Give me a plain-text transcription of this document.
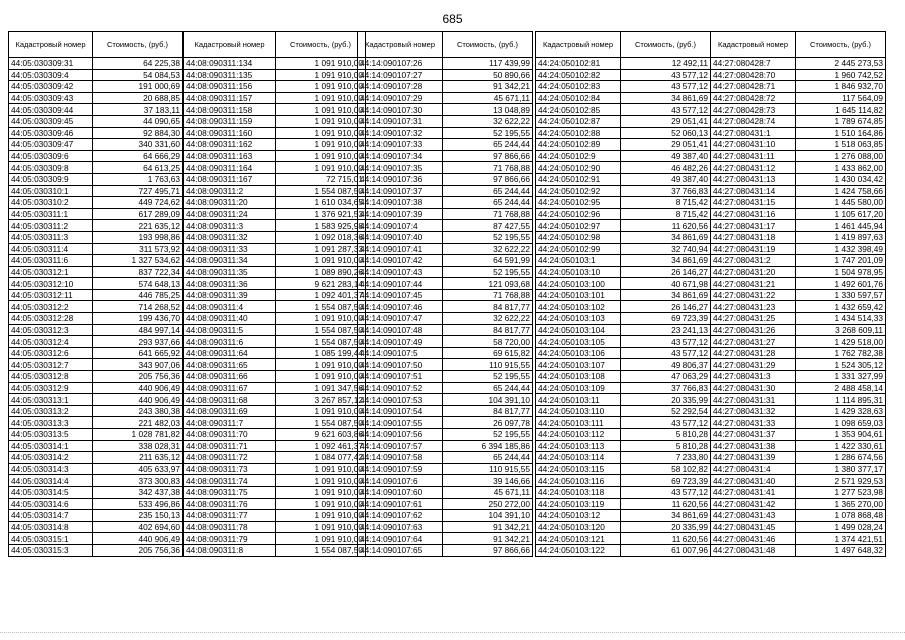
685
Кадастровый номер	Стоимость, (руб.)
44:05:030309:31	64 225,38
44:05:030309:4	54 084,53
44:05:030309:42	191 000,69
44:05:030309:43	20 688,85
44:05:030309:44	37 183,11
44:05:030309:45	44 090,65
44:05:030309:46	92 884,30
44:05:030309:47	340 331,60
44:05:030309:6	64 666,29
44:05:030309:8	64 613,25
44:05:030309:9	1 763,63
44:05:030310:1	727 495,71
44:05:030310:2	449 724,62
44:05:030311:1	617 289,09
44:05:030311:2	221 635,12
44:05:030311:3	193 998,86
44:05:030311:4	311 573,92
44:05:030311:6	1 327 534,62
44:05:030312:1	837 722,34
44:05:030312:10	574 648,13
44:05:030312:11	446 785,25
44:05:030312:2	714 268,52
44:05:030312:28	199 436,70
44:05:030312:3	484 997,14
44:05:030312:4	293 937,66
44:05:030312:6	641 665,92
44:05:030312:7	343 907,06
44:05:030312:8	205 756,36
44:05:030312:9	440 906,49
44:05:030313:1	440 906,49
44:05:030313:2	243 380,38
44:05:030313:3	221 482,03
44:05:030313:5	1 028 781,82
44:05:030314:1	338 028,31
44:05:030314:2	211 635,12
44:05:030314:3	405 633,97
44:05:030314:4	373 300,83
44:05:030314:5	342 437,38
44:05:030314:6	533 496,86
44:05:030314:7	235 150,13
44:05:030314:8	402 694,60
44:05:030315:1	440 906,49
44:05:030315:3	205 756,36
Кадастровый номер	Стоимость, (руб.)
44:08:090311:134	1 091 910,00
44:08:090311:135	1 091 910,00
44:08:090311:156	1 091 910,00
44:08:090311:157	1 091 910,00
44:08:090311:158	1 091 910,00
44:08:090311:159	1 091 910,00
44:08:090311:160	1 091 910,00
44:08:090311:162	1 091 910,00
44:08:090311:163	1 091 910,00
44:08:090311:164	1 091 910,00
44:08:090311:167	72 715,01
44:08:090311:2	1 554 087,50
44:08:090311:20	1 610 034,65
44:08:090311:24	1 376 921,53
44:08:090311:3	1 583 925,98
44:08:090311:32	1 092 018,36
44:08:090311:33	1 091 287,33
44:08:090311:34	1 091 910,00
44:08:090311:35	1 089 890,26
44:08:090311:36	9 621 283,14
44:08:090311:39	1 092 401,37
44:08:090311:4	1 554 087,50
44:08:090311:40	1 091 910,00
44:08:090311:5	1 554 087,50
44:08:090311:6	1 554 087,50
44:08:090311:64	1 085 199,44
44:08:090311:65	1 091 910,00
44:08:090311:66	1 091 910,00
44:08:090311:67	1 091 347,56
44:08:090311:68	3 267 857,12
44:08:090311:69	1 091 910,00
44:08:090311:7	1 554 087,50
44:08:090311:70	9 621 603,86
44:08:090311:71	1 092 461,37
44:08:090311:72	1 084 077,42
44:08:090311:73	1 091 910,00
44:08:090311:74	1 091 910,00
44:08:090311:75	1 091 910,00
44:08:090311:76	1 091 910,00
44:08:090311:77	1 091 910,00
44:08:090311:78	1 091 910,00
44:08:090311:79	1 091 910,00
44:08:090311:8	1 554 087,50
Кадастровый номер	Стоимость, (руб.)
44:14:090107:26	117 439,99
44:14:090107:27	50 890,66
44:14:090107:28	91 342,21
44:14:090107:29	45 671,11
44:14:090107:30	13 048,89
44:14:090107:31	32 622,22
44:14:090107:32	52 195,55
44:14:090107:33	65 244,44
44:14:090107:34	97 866,66
44:14:090107:35	71 768,88
44:14:090107:36	97 866,66
44:14:090107:37	65 244,44
44:14:090107:38	65 244,44
44:14:090107:39	71 768,88
44:14:090107:4	87 427,55
44:14:090107:40	52 195,55
44:14:090107:41	32 622,22
44:14:090107:42	64 591,99
44:14:090107:43	52 195,55
44:14:090107:44	121 093,68
44:14:090107:45	71 768,88
44:14:090107:46	84 817,77
44:14:090107:47	32 622,22
44:14:090107:48	84 817,77
44:14:090107:49	58 720,00
44:14:090107:5	69 615,82
44:14:090107:50	110 915,55
44:14:090107:51	52 195,55
44:14:090107:52	65 244,44
44:14:090107:53	104 391,10
44:14:090107:54	84 817,77
44:14:090107:55	26 097,78
44:14:090107:56	52 195,55
44:14:090107:57	6 394 185,86
44:14:090107:58	65 244,44
44:14:090107:59	110 915,55
44:14:090107:6	39 146,66
44:14:090107:60	45 671,11
44:14:090107:61	250 272,00
44:14:090107:62	104 391,10
44:14:090107:63	91 342,21
44:14:090107:64	91 342,21
44:14:090107:65	97 866,66
Кадастровый номер	Стоимость, (руб.)
44:24:050102:81	12 492,11
44:24:050102:82	43 577,12
44:24:050102:83	43 577,12
44:24:050102:84	34 861,69
44:24:050102:85	43 577,12
44:24:050102:87	29 051,41
44:24:050102:88	52 060,13
44:24:050102:89	29 051,41
44:24:050102:9	49 387,40
44:24:050102:90	46 482,26
44:24:050102:91	49 387,40
44:24:050102:92	37 766,83
44:24:050102:95	8 715,42
44:24:050102:96	8 715,42
44:24:050102:97	11 620,56
44:24:050102:98	34 861,69
44:24:050102:99	32 740,94
44:24:050103:1	34 861,69
44:24:050103:10	26 146,27
44:24:050103:100	40 671,98
44:24:050103:101	34 861,69
44:24:050103:102	26 146,27
44:24:050103:103	69 723,39
44:24:050103:104	23 241,13
44:24:050103:105	43 577,12
44:24:050103:106	43 577,12
44:24:050103:107	49 806,37
44:24:050103:108	47 063,29
44:24:050103:109	37 766,83
44:24:050103:11	20 335,99
44:24:050103:110	52 292,54
44:24:050103:111	43 577,12
44:24:050103:112	5 810,28
44:24:050103:113	5 810,28
44:24:050103:114	7 233,80
44:24:050103:115	58 102,82
44:24:050103:116	69 723,39
44:24:050103:118	43 577,12
44:24:050103:119	11 620,56
44:24:050103:12	34 861,69
44:24:050103:120	20 335,99
44:24:050103:121	11 620,56
44:24:050103:122	61 007,96
Кадастровый номер	Стоимость, (руб.)
44:27:080428:7	2 445 273,53
44:27:080428:70	1 960 742,52
44:27:080428:71	1 846 932,70
44:27:080428:72	117 564,09
44:27:080428:73	1 645 114,82
44:27:080428:74	1 789 674,85
44:27:080431:1	1 510 164,86
44:27:080431:10	1 518 063,85
44:27:080431:11	1 276 088,00
44:27:080431:12	1 433 862,00
44:27:080431:13	1 430 034,42
44:27:080431:14	1 424 758,66
44:27:080431:15	1 445 580,00
44:27:080431:16	1 105 617,20
44:27:080431:17	1 461 445,94
44:27:080431:18	1 419 897,63
44:27:080431:19	1 432 398,49
44:27:080431:2	1 747 201,09
44:27:080431:20	1 504 978,95
44:27:080431:21	1 492 601,76
44:27:080431:22	1 330 597,57
44:27:080431:23	1 432 659,42
44:27:080431:25	1 434 514,33
44:27:080431:26	3 268 609,11
44:27:080431:27	1 429 518,00
44:27:080431:28	1 762 782,38
44:27:080431:29	1 524 305,12
44:27:080431:3	1 331 327,99
44:27:080431:30	2 488 458,14
44:27:080431:31	1 114 895,31
44:27:080431:32	1 429 328,63
44:27:080431:33	1 098 659,03
44:27:080431:37	1 353 904,61
44:27:080431:38	1 422 330,61
44:27:080431:39	1 286 674,56
44:27:080431:4	1 380 377,17
44:27:080431:40	2 571 929,53
44:27:080431:41	1 277 523,98
44:27:080431:42	1 365 270,00
44:27:080431:43	1 078 868,48
44:27:080431:45	1 499 028,24
44:27:080431:46	1 374 421,51
44:27:080431:48	1 497 648,32
